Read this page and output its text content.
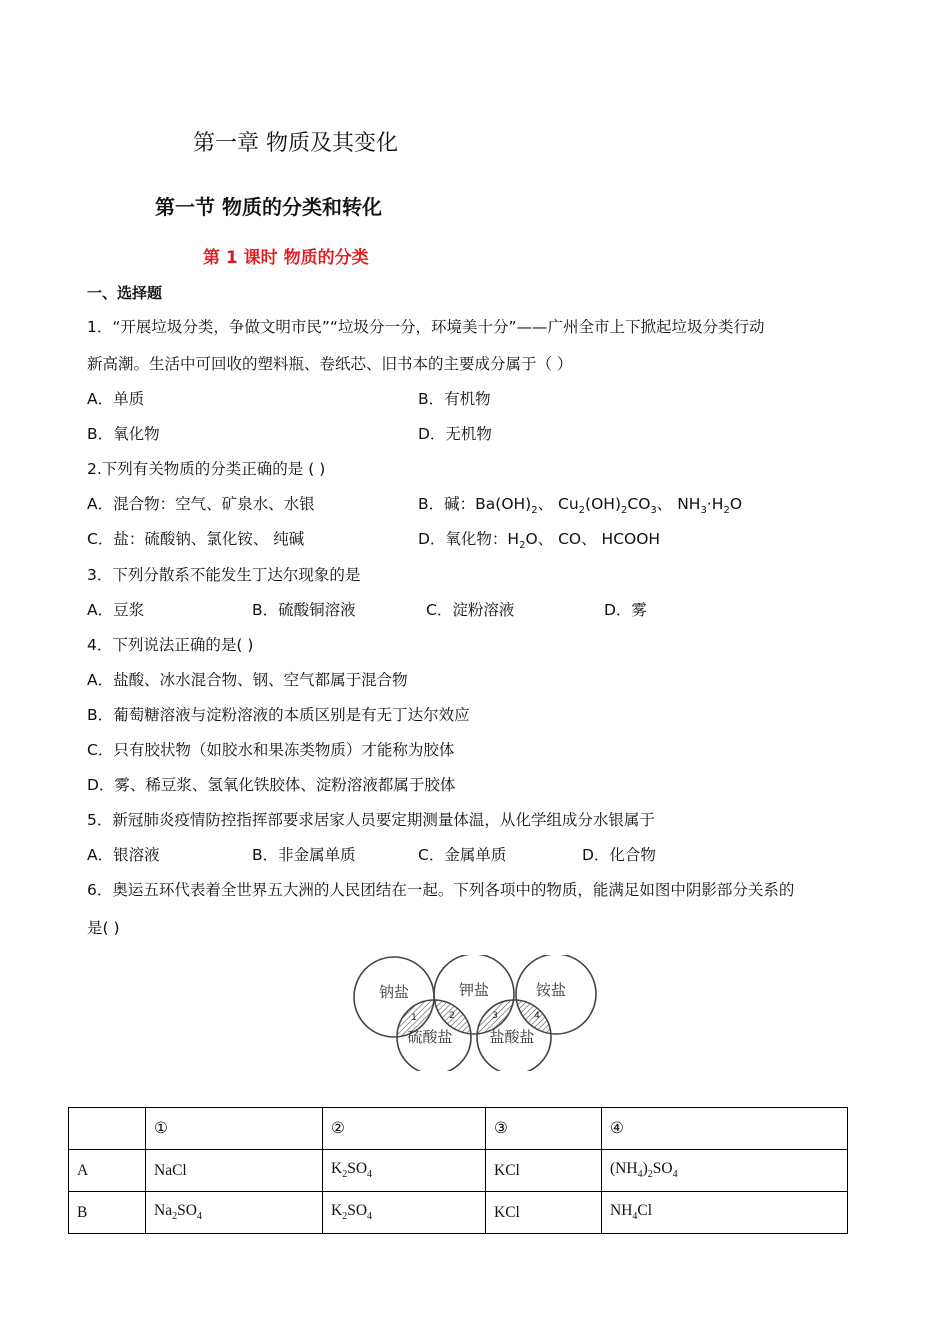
第一章 物质及其变化
第一节 物质的分类和转化
第 1 课时 物质的分类
一、选择题
1．“开展垃圾分类，争做文明市民”“垃圾分一分，环境美十分”——广州全市上下掀起垃圾分类行动
新高潮。生活中可回收的塑料瓶、卷纸芯、旧书本的主要成分属于（ ）
A．单质	B．有机物
B．氧化物	D．无机物
2.下列有关物质的分类正确的是 ( )
A．混合物：空气、矿泉水、水银	B．碱：$Ba(OH)_2$、 $Cu_2(OH)_2CO_3$、 $NH_3\cdot H_2O$
C．盐：硫酸钠、氯化铵、 纯碱	D．氧化物：$H_2O$、 CO、 HCOOH
3．下列分散系不能发生丁达尔现象的是
A．豆浆	B．硫酸铜溶液	C．淀粉溶液	D．雾
4．下列说法正确的是( )
A．盐酸、冰水混合物、钢、空气都属于混合物
B．葡萄糖溶液与淀粉溶液的本质区别是有无丁达尔效应
C．只有胶状物（如胶水和果冻类物质）才能称为胶体
D．雾、稀豆浆、氢氧化铁胶体、淀粉溶液都属于胶体
5．新冠肺炎疫情防控指挥部要求居家人员要定期测量体温，从化学组成分水银属于
A．银溶液	B．非金属单质	C．金属单质	D．化合物
6．奥运五环代表着全世界五大洲的人民团结在一起。下列各项中的物质，能满足如图中阴影部分关系的
是( )
钠盐	钾盐	铵盐
硫酸盐 盐酸盐
1	2	3	4
	①	②	③	④
A	NaCl	$K_2SO_4$	KCl	$(NH_4)_2SO_4$
B	$Na_2SO_4$	$K_2SO_4$	KCl	$NH_4Cl$
